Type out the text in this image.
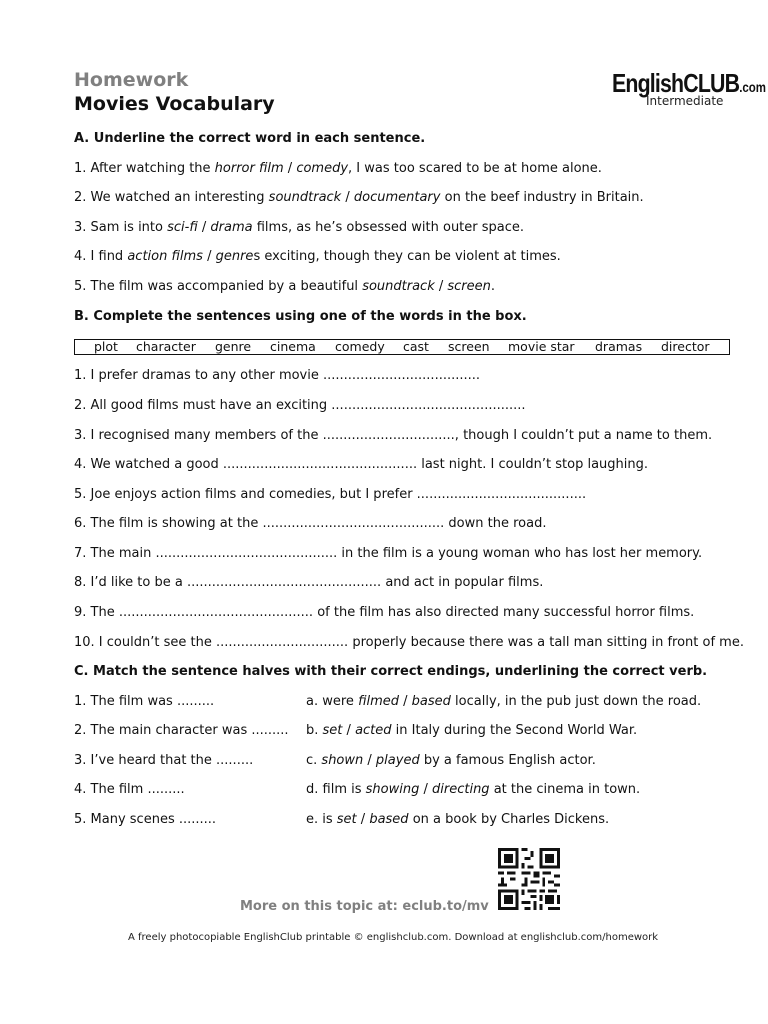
Homework
Movies Vocabulary
EnglishCLUB.com
Intermediate
A. Underline the correct word in each sentence.
1. After watching the horror film / comedy, I was too scared to be at home alone.
2. We watched an interesting soundtrack / documentary on the beef industry in Britain.
3. Sam is into sci-fi / drama films, as he’s obsessed with outer space.
4. I find action films / genres exciting, though they can be violent at times.
5. The film was accompanied by a beautiful soundtrack / screen.
B. Complete the sentences using one of the words in the box.
plot character genre cinema comedy cast screen movie star dramas director
1. I prefer dramas to any other movie ......................................
2. All good films must have an exciting ...............................................
3. I recognised many members of the ................................, though I couldn’t put a name to them.
4. We watched a good ............................................... last night. I couldn’t stop laughing.
5. Joe enjoys action films and comedies, but I prefer .........................................
6. The film is showing at the ............................................ down the road.
7. The main ............................................ in the film is a young woman who has lost her memory.
8. I’d like to be a ............................................... and act in popular films.
9. The ............................................... of the film has also directed many successful horror films.
10. I couldn’t see the ................................ properly because there was a tall man sitting in front of me.
C. Match the sentence halves with their correct endings, underlining the correct verb.
1. The film was .........
2. The main character was .........
3. I’ve heard that the .........
4. The film .........
5. Many scenes .........
a. were filmed / based locally, in the pub just down the road.
b. set / acted in Italy during the Second World War.
c. shown / played by a famous English actor.
d. film is showing / directing at the cinema in town.
e. is set / based on a book by Charles Dickens.
More on this topic at: eclub.to/mv
A freely photocopiable EnglishClub printable © englishclub.com. Download at englishclub.com/homework
